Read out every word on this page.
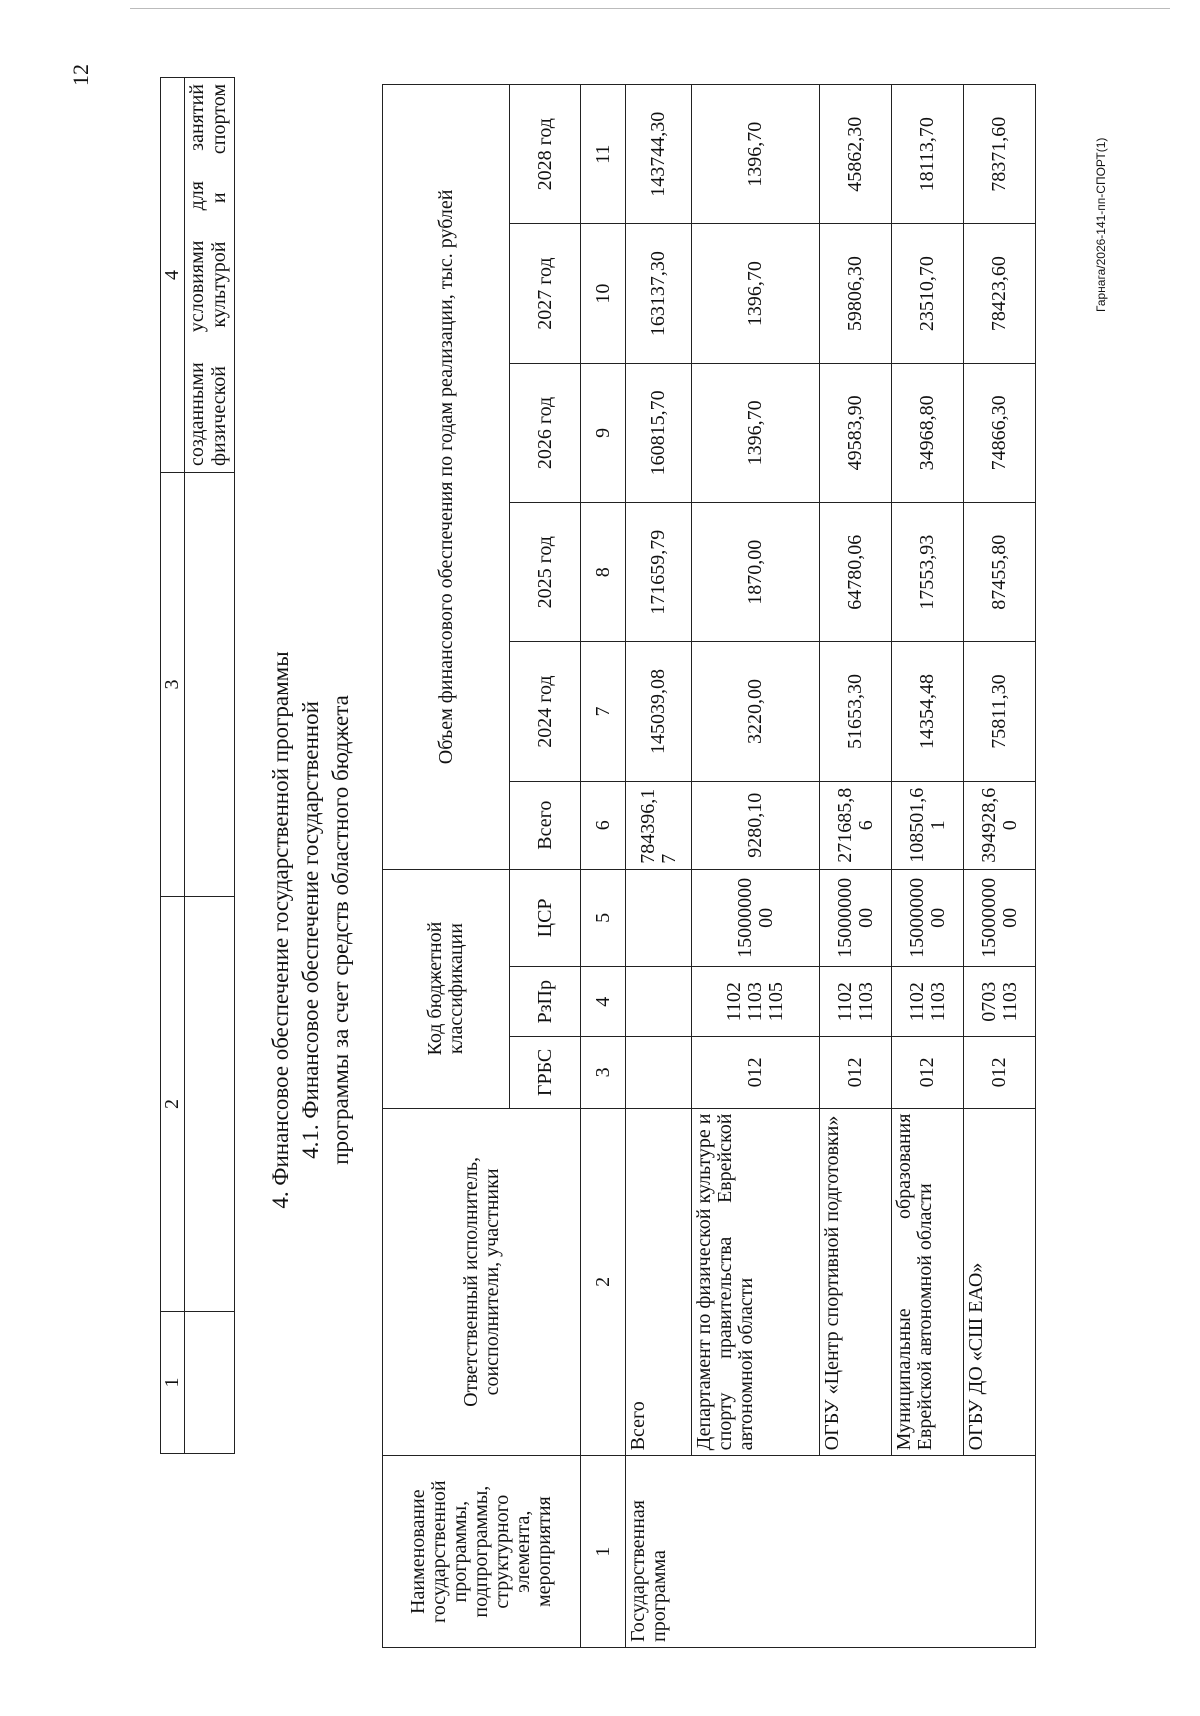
12
Гарнага/2026-141-пп-СПОРТ(1)
1	2	3	4
			созданными условиями для занятий физической культурой и спортом
4. Финансовое обеспечение государственной программы 4.1. Финансовое обеспечение государственной программы за счет средств областного бюджета
Наименование государственной программы, подпрограммы, структурного элемента, мероприятия	Ответственный исполнитель, соисполнители, участники	Код бюджетной классификации			Объем финансового обеспечения по годам реализации, тыс. рублей					
		ГРБС	РзПр	ЦСР	Всего	2024 год	2025 год	2026 год	2027 год	2028 год
1	2	3	4	5	6	7	8	9	10	11
Государственная программа	Всего				784396,17	145039,08	171659,79	160815,70	163137,30	143744,30
	Департамент по физической культуре и спорту правительства Еврейской автономной области	012	1102 1103 1105	1500000000	9280,10	3220,00	1870,00	1396,70	1396,70	1396,70
	ОГБУ «Центр спортивной подготовки»	012	1102 1103	1500000000	271685,86	51653,30	64780,06	49583,90	59806,30	45862,30
	Муниципальные образования Еврейской автономной области	012	1102 1103	1500000000	108501,61	14354,48	17553,93	34968,80	23510,70	18113,70
	ОГБУ ДО «СШ ЕАО»	012	0703 1103	1500000000	394928,60	75811,30	87455,80	74866,30	78423,60	78371,60
